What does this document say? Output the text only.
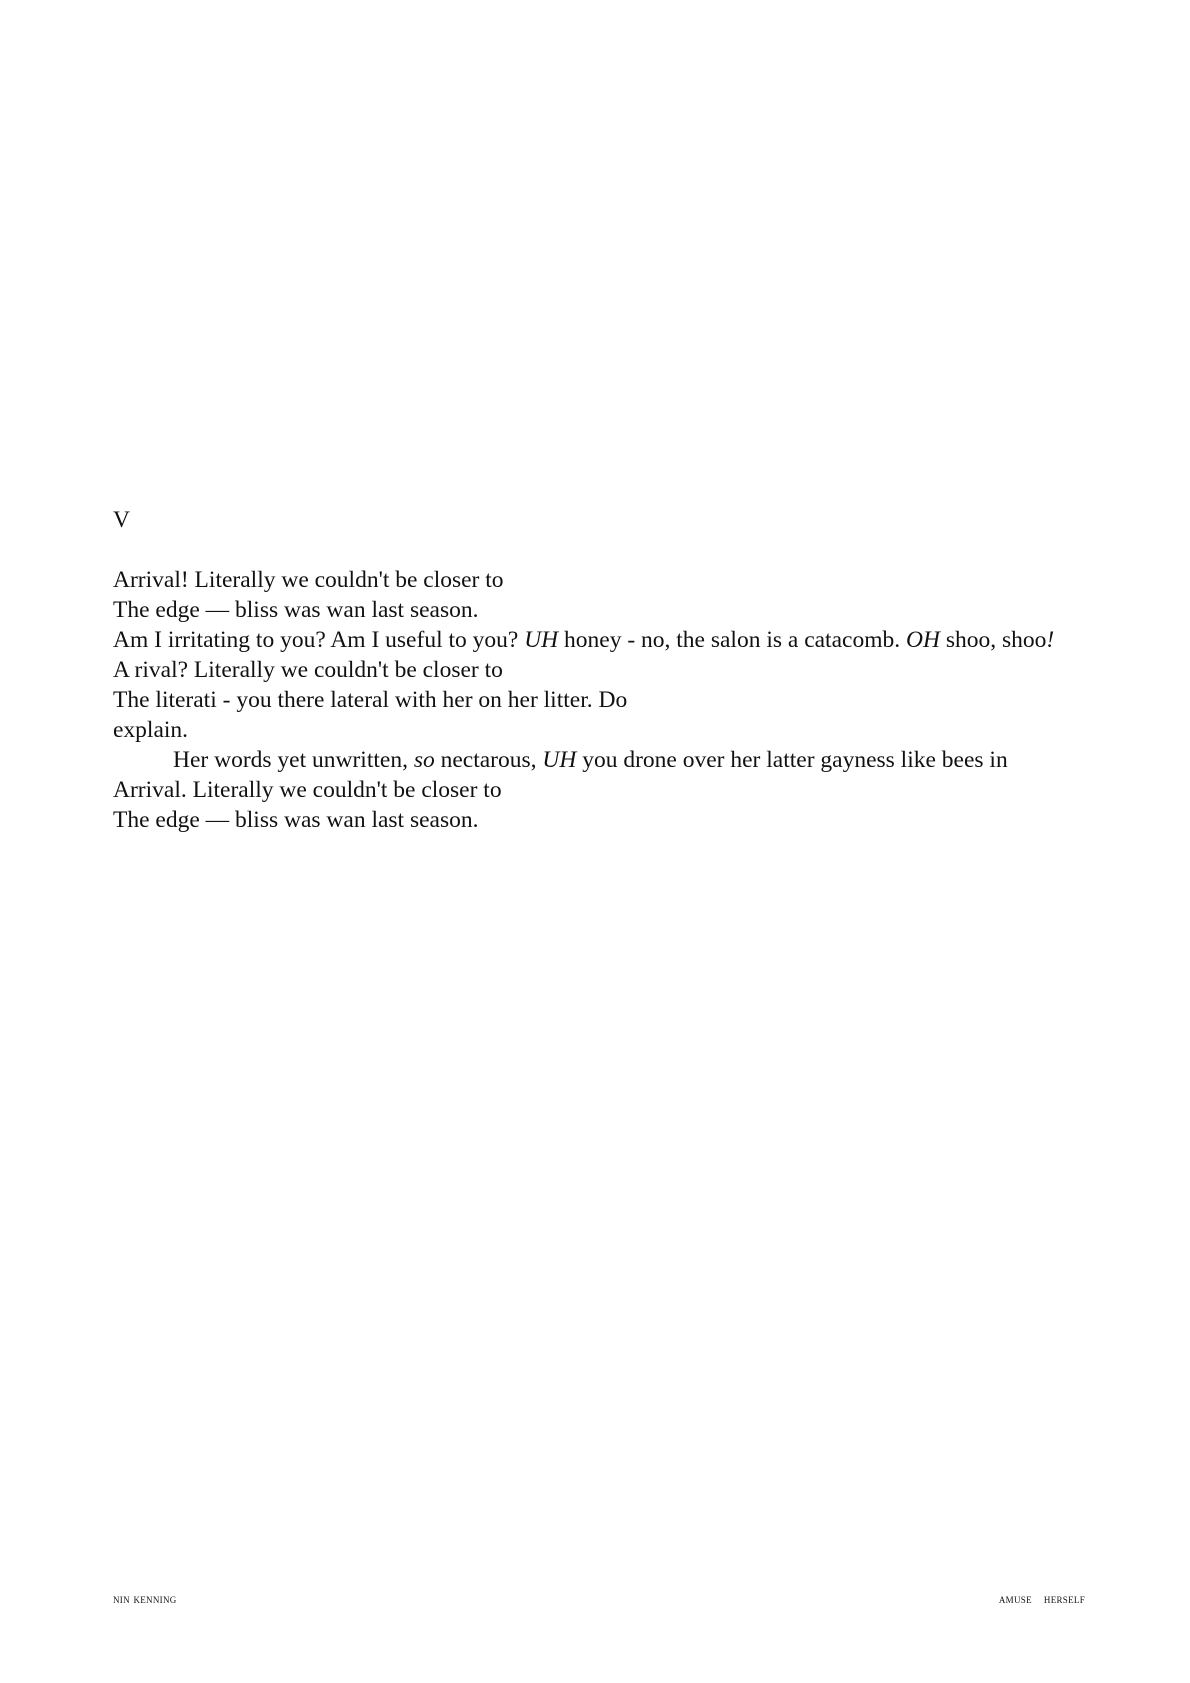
V
Arrival! Literally we couldn't be closer to
The edge — bliss was wan last season.
Am I irritating to you? Am I useful to you? UH honey - no, the salon is a catacomb. OH shoo, shoo!
A rival? Literally we couldn't be closer to
The literati - you there lateral with her on her litter. Do
explain.
Her words yet unwritten, so nectarous, UH you drone over her latter gayness like bees in
Arrival. Literally we couldn't be closer to
The edge — bliss was wan last season.
nin kenning	amuse herself
